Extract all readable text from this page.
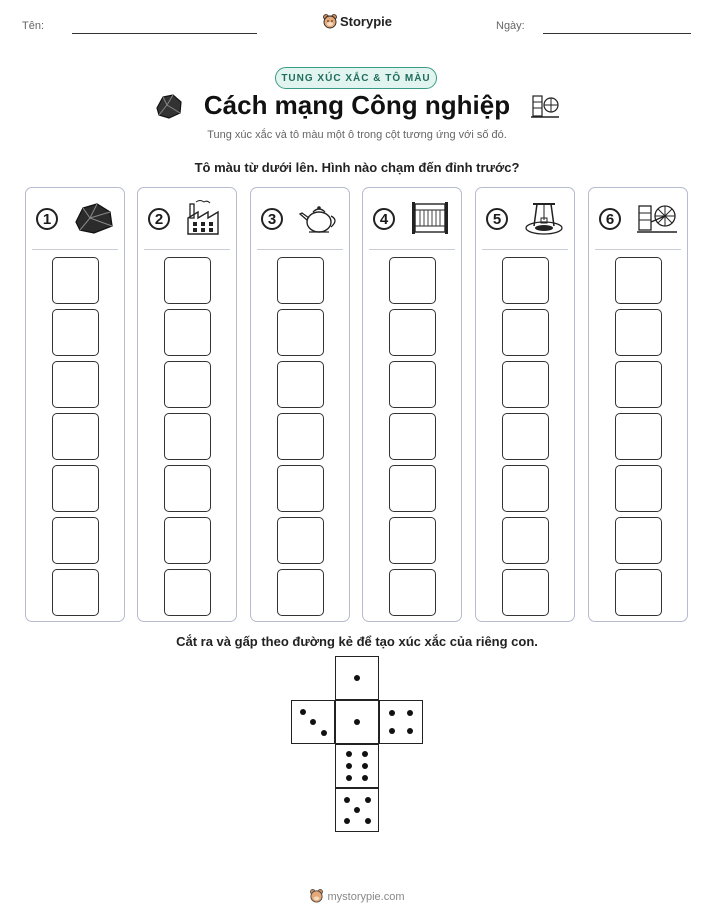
Tên:	Storypie	Ngày:
TUNG XÚC XẮC & TÔ MÀU
Cách mạng Công nghiệp
Tung xúc xắc và tô màu một ô trong cột tương ứng với số đó.
Tô màu từ dưới lên. Hình nào chạm đến đỉnh trước?
1	2	3	4	5	6
Cắt ra và gấp theo đường kẻ để tạo xúc xắc của riêng con.
mystorypie.com
